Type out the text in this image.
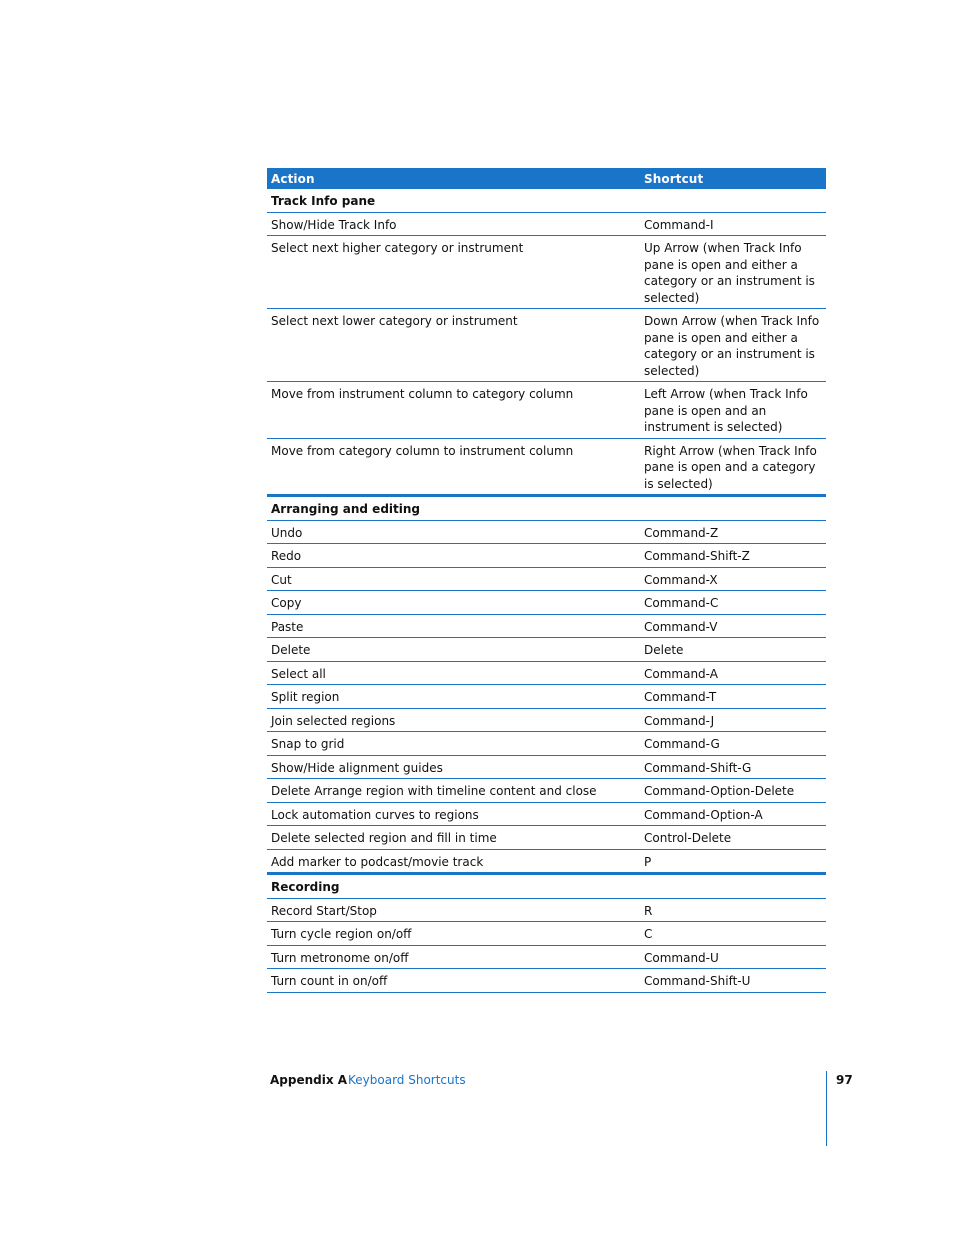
Action	Shortcut
Track Info pane
Show/Hide Track Info	Command-I
Select next higher category or instrument	Up Arrow (when Track Info pane is open and either a category or an instrument is selected)
Select next lower category or instrument	Down Arrow (when Track Info pane is open and either a category or an instrument is selected)
Move from instrument column to category column	Left Arrow (when Track Info pane is open and an instrument is selected)
Move from category column to instrument column	Right Arrow (when Track Info pane is open and a category is selected)
Arranging and editing
Undo	Command-Z
Redo	Command-Shift-Z
Cut	Command-X
Copy	Command-C
Paste	Command-V
Delete	Delete
Select all	Command-A
Split region	Command-T
Join selected regions	Command-J
Snap to grid	Command-G
Show/Hide alignment guides	Command-Shift-G
Delete Arrange region with timeline content and close	Command-Option-Delete
Lock automation curves to regions	Command-Option-A
Delete selected region and fill in time	Control-Delete
Add marker to podcast/movie track	P
Recording
Record Start/Stop	R
Turn cycle region on/off	C
Turn metronome on/off	Command-U
Turn count in on/off	Command-Shift-U
Appendix A Keyboard Shortcuts	97
